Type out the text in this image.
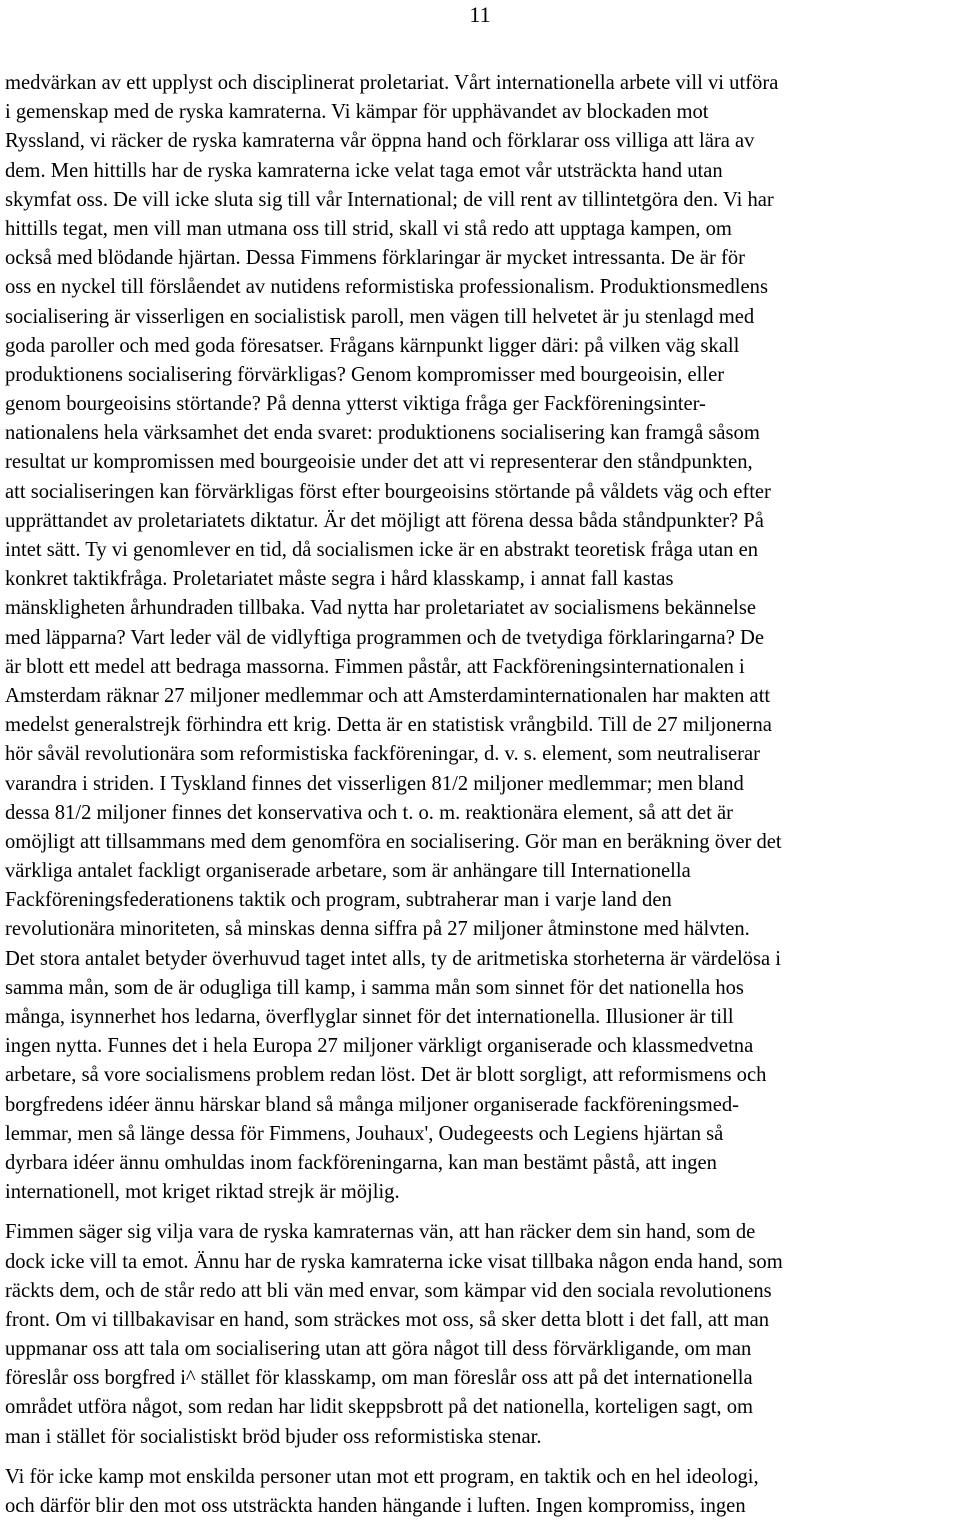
11
medvärkan av ett upplyst och disciplinerat proletariat. Vårt internationella arbete vill vi utföra
i gemenskap med de ryska kamraterna. Vi kämpar för upphävandet av blockaden mot
Ryssland, vi räcker de ryska kamraterna vår öppna hand och förklarar oss villiga att lära av
dem. Men hittills har de ryska kamraterna icke velat taga emot vår utsträckta hand utan
skymfat oss. De vill icke sluta sig till vår International; de vill rent av tillintetgöra den. Vi har
hittills tegat, men vill man utmana oss till strid, skall vi stå redo att upptaga kampen, om
också med blödande hjärtan. Dessa Fimmens förklaringar är mycket intressanta. De är för
oss en nyckel till förslåendet av nutidens reformistiska professionalism. Produktionsmedlens
socialisering är visserligen en socialistisk paroll, men vägen till helvetet är ju stenlagd med
goda paroller och med goda föresatser. Frågans kärnpunkt ligger däri: på vilken väg skall
produktionens socialisering förvärkligas? Genom kompromisser med bourgeoisin, eller
genom bourgeoisins störtande? På denna ytterst viktiga fråga ger Fackföreningsinter-
nationalens hela värksamhet det enda svaret: produktionens socialisering kan framgå såsom
resultat ur kompromissen med bourgeoisie under det att vi representerar den ståndpunkten,
att socialiseringen kan förvärkligas först efter bourgeoisins störtande på våldets väg och efter
upprättandet av proletariatets diktatur. Är det möjligt att förena dessa båda ståndpunkter? På
intet sätt. Ty vi genomlever en tid, då socialismen icke är en abstrakt teoretisk fråga utan en
konkret taktikfråga. Proletariatet måste segra i hård klasskamp, i annat fall kastas
mänskligheten århundraden tillbaka. Vad nytta har proletariatet av socialismens bekännelse
med läpparna? Vart leder väl de vidlyftiga programmen och de tvetydiga förklaringarna? De
är blott ett medel att bedraga massorna. Fimmen påstår, att Fackföreningsinternationalen i
Amsterdam räknar 27 miljoner medlemmar och att Amsterdaminternationalen har makten att
medelst generalstrejk förhindra ett krig. Detta är en statistisk vrångbild. Till de 27 miljonerna
hör såväl revolutionära som reformistiska fackföreningar, d. v. s. element, som neutraliserar
varandra i striden. I Tyskland finnes det visserligen 81/2 miljoner medlemmar; men bland
dessa 81/2 miljoner finnes det konservativa och t. o. m. reaktionära element, så att det är
omöjligt att tillsammans med dem genomföra en socialisering. Gör man en beräkning över det
värkliga antalet fackligt organiserade arbetare, som är anhängare till Internationella
Fackföreningsfederationens taktik och program, subtraherar man i varje land den
revolutionära minoriteten, så minskas denna siffra på 27 miljoner åtminstone med hälvten.
Det stora antalet betyder överhuvud taget intet alls, ty de aritmetiska storheterna är värdelösa i
samma mån, som de är odugliga till kamp, i samma mån som sinnet för det nationella hos
många, isynnerhet hos ledarna, överflyglar sinnet för det internationella. Illusioner är till
ingen nytta. Funnes det i hela Europa 27 miljoner värkligt organiserade och klassmedvetna
arbetare, så vore socialismens problem redan löst. Det är blott sorgligt, att reformismens och
borgfredens idéer ännu härskar bland så många miljoner organiserade fackföreningsmed-
lemmar, men så länge dessa för Fimmens, Jouhaux', Oudegeests och Legiens hjärtan så
dyrbara idéer ännu omhuldas inom fackföreningarna, kan man bestämt påstå, att ingen
internationell, mot kriget riktad strejk är möjlig.
Fimmen säger sig vilja vara de ryska kamraternas vän, att han räcker dem sin hand, som de
dock icke vill ta emot. Ännu har de ryska kamraterna icke visat tillbaka någon enda hand, som
räckts dem, och de står redo att bli vän med envar, som kämpar vid den sociala revolutionens
front. Om vi tillbakavisar en hand, som sträckes mot oss, så sker detta blott i det fall, att man
uppmanar oss att tala om socialisering utan att göra något till dess förvärkligande, om man
föreslår oss borgfred i^ stället för klasskamp, om man föreslår oss att på det internationella
området utföra något, som redan har lidit skeppsbrott på det nationella, korteligen sagt, om
man i stället för socialistiskt bröd bjuder oss reformistiska stenar.
Vi för icke kamp mot enskilda personer utan mot ett program, en taktik och en hel ideologi,
och därför blir den mot oss utsträckta handen hängande i luften. Ingen kompromiss, ingen
